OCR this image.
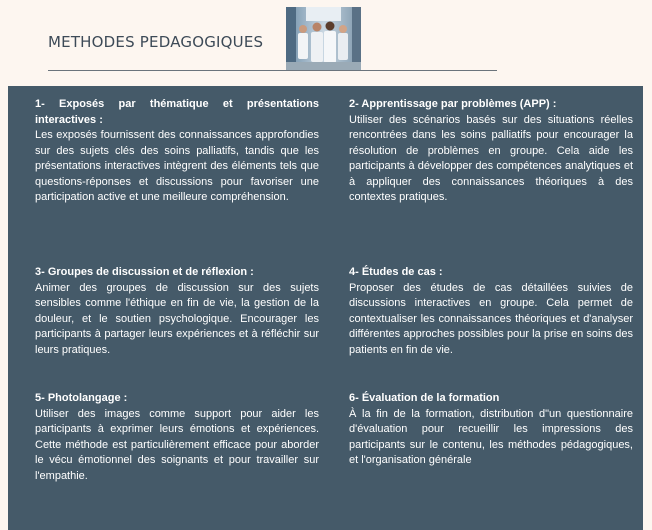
METHODES PEDAGOGIQUES
1- Exposés par thématique et présentations interactives :
Les exposés fournissent des connaissances approfondies sur des sujets clés des soins palliatifs, tandis que les présentations interactives intègrent des éléments tels que questions-réponses et discussions pour favoriser une participation active et une meilleure compréhension.
2- Apprentissage par problèmes (APP) :
Utiliser des scénarios basés sur des situations réelles rencontrées dans les soins palliatifs pour encourager la résolution de problèmes en groupe. Cela aide les participants à développer des compétences analytiques et à appliquer des connaissances théoriques à des contextes pratiques.
3- Groupes de discussion et de réflexion :
Animer des groupes de discussion sur des sujets sensibles comme l'éthique en fin de vie, la gestion de la douleur, et le soutien psychologique. Encourager les participants à partager leurs expériences et à réfléchir sur leurs pratiques.
4- Études de cas :
Proposer des études de cas détaillées suivies de discussions interactives en groupe. Cela permet de contextualiser les connaissances théoriques et d'analyser différentes approches possibles pour la prise en soins des patients en fin de vie.
5- Photolangage :
Utiliser des images comme support pour aider les participants à exprimer leurs émotions et expériences. Cette méthode est particulièrement efficace pour aborder le vécu émotionnel des soignants et pour travailler sur l'empathie.
6- Évaluation de la formation
À la fin de la formation, distribution d"un questionnaire d'évaluation pour recueillir les impressions des participants sur le contenu, les méthodes pédagogiques, et l'organisation générale
